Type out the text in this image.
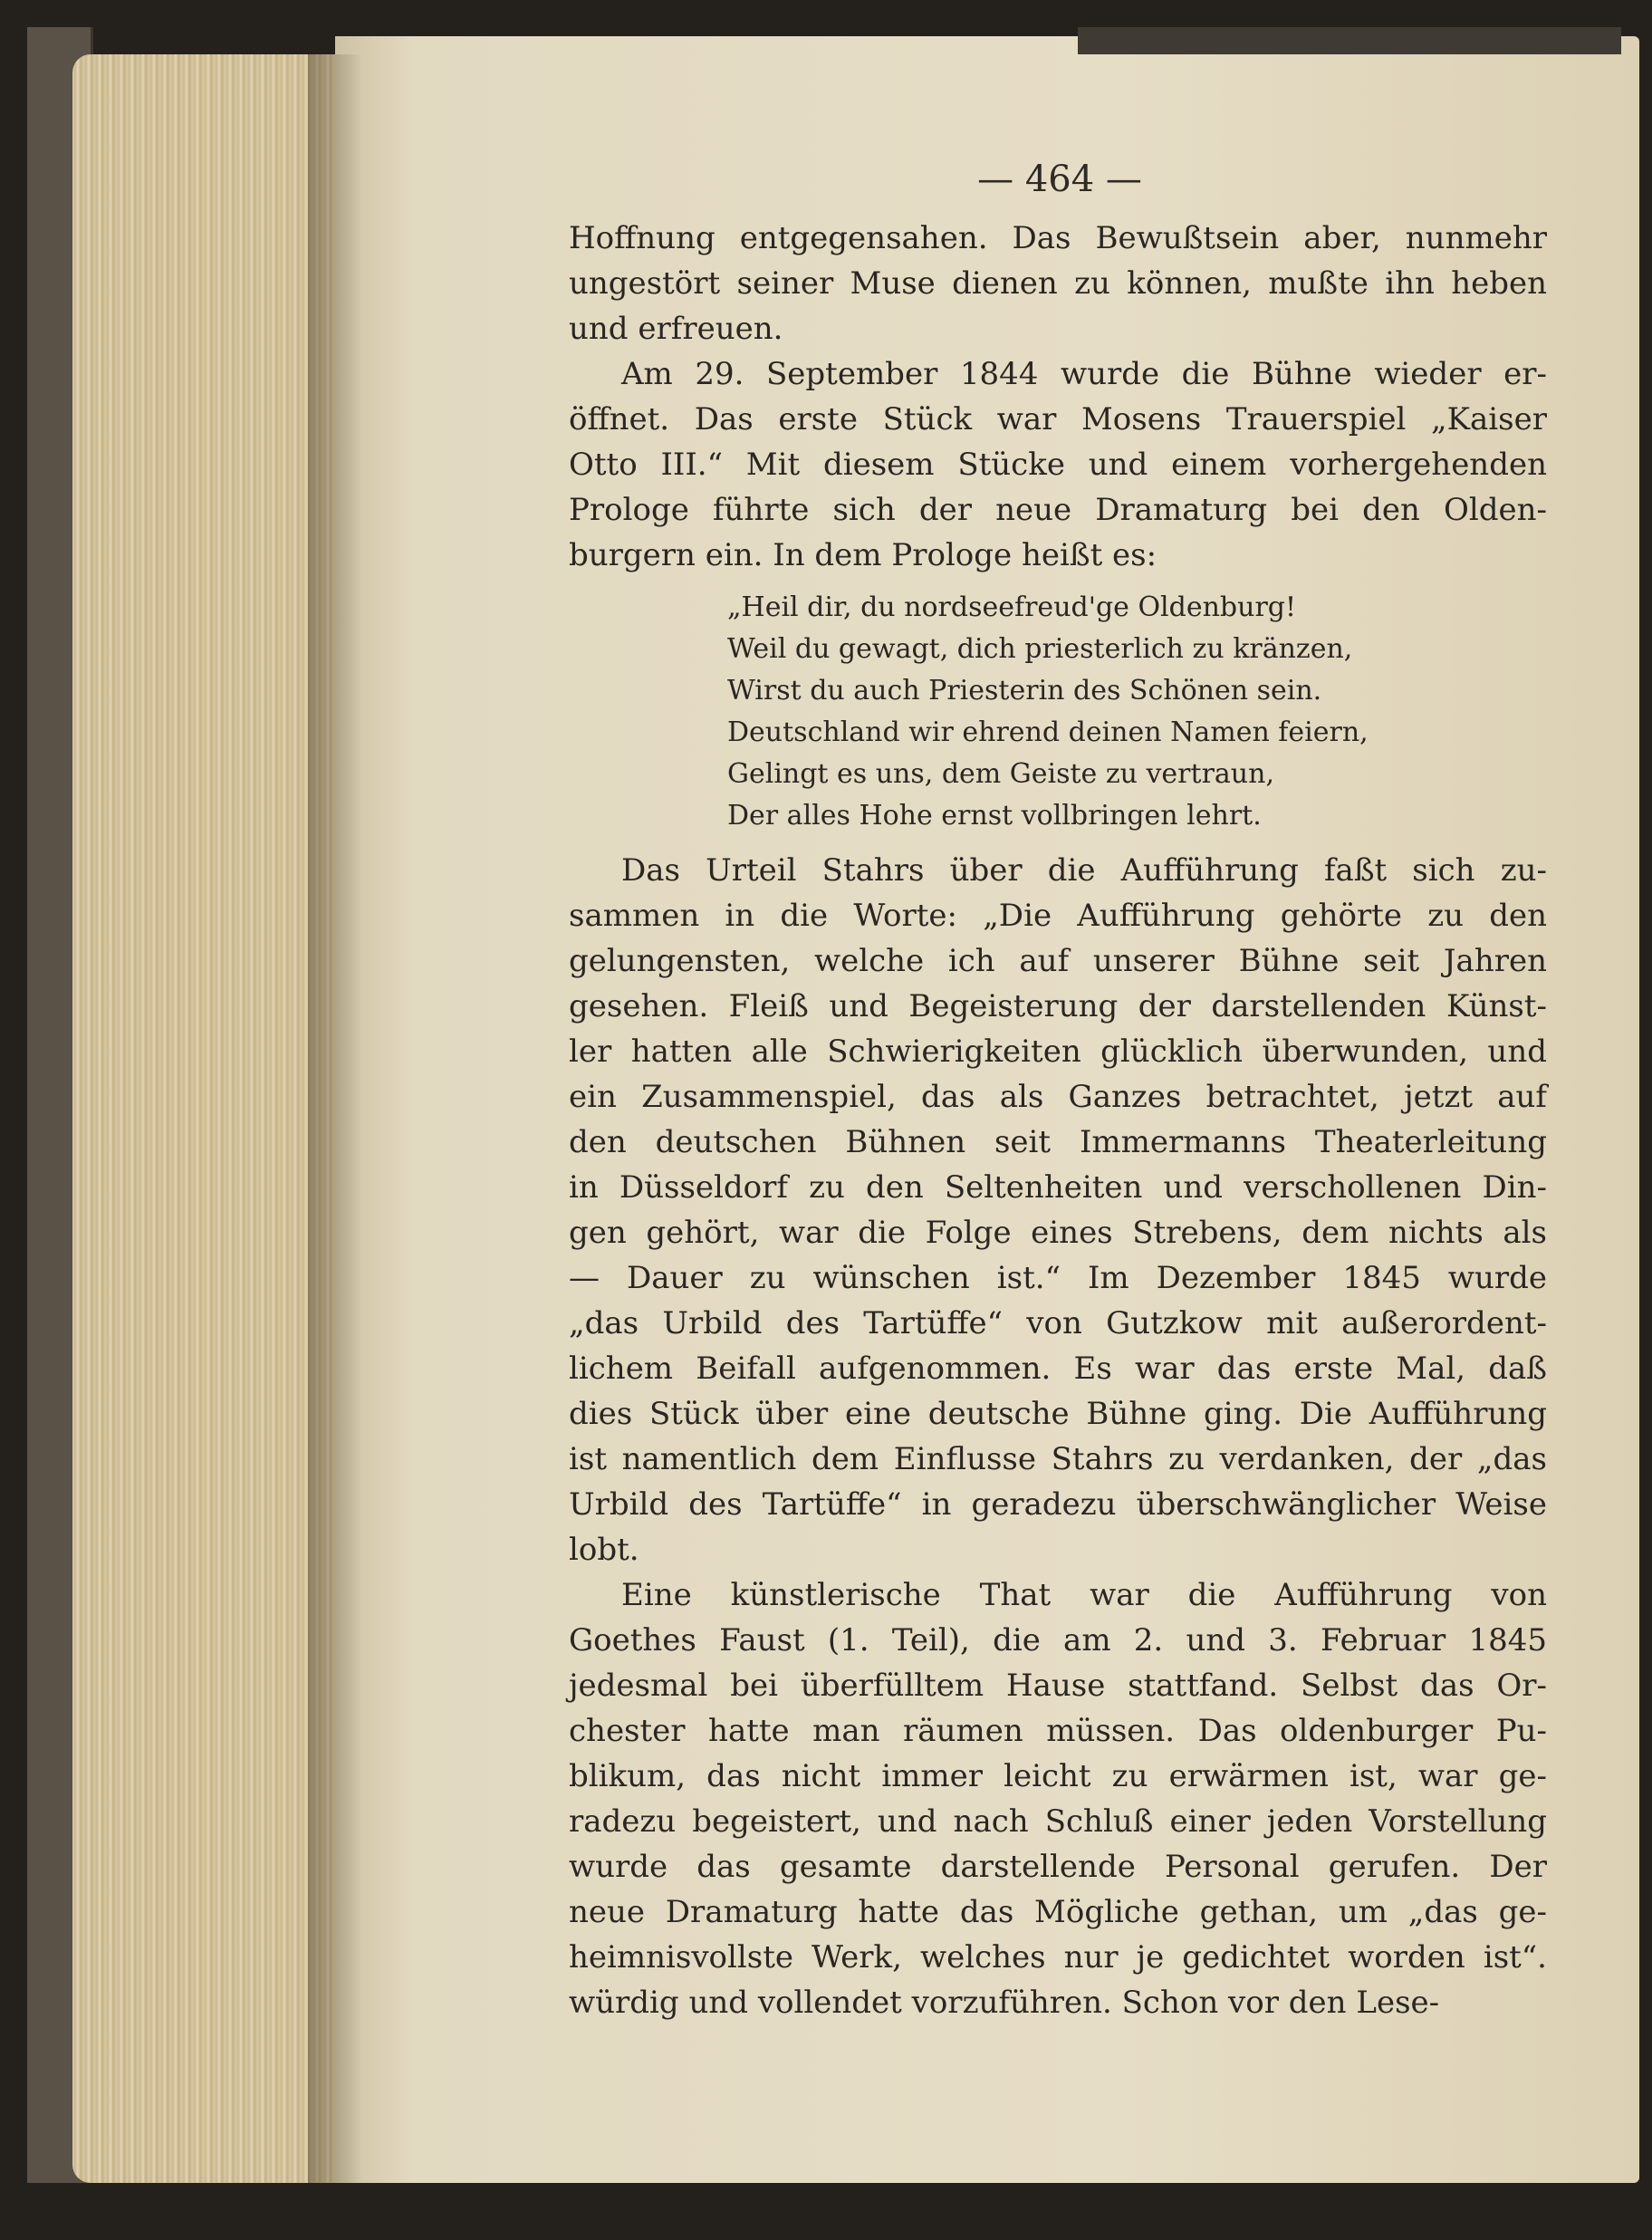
— 464 —
Hoffnung entgegensahen. Das Bewußtsein aber, nunmehr
ungestört seiner Muse dienen zu können, mußte ihn heben
und erfreuen.
Am 29. September 1844 wurde die Bühne wieder er-
öffnet. Das erste Stück war Mosens Trauerspiel „Kaiser
Otto III.“ Mit diesem Stücke und einem vorhergehenden
Prologe führte sich der neue Dramaturg bei den Olden-
burgern ein. In dem Prologe heißt es:
„Heil dir, du nordseefreud'ge Oldenburg!
Weil du gewagt, dich priesterlich zu kränzen,
Wirst du auch Priesterin des Schönen sein.
Deutschland wir ehrend deinen Namen feiern,
Gelingt es uns, dem Geiste zu vertraun,
Der alles Hohe ernst vollbringen lehrt.
Das Urteil Stahrs über die Aufführung faßt sich zu-
sammen in die Worte: „Die Aufführung gehörte zu den
gelungensten, welche ich auf unserer Bühne seit Jahren
gesehen. Fleiß und Begeisterung der darstellenden Künst-
ler hatten alle Schwierigkeiten glücklich überwunden, und
ein Zusammenspiel, das als Ganzes betrachtet, jetzt auf
den deutschen Bühnen seit Immermanns Theaterleitung
in Düsseldorf zu den Seltenheiten und verschollenen Din-
gen gehört, war die Folge eines Strebens, dem nichts als
— Dauer zu wünschen ist.“ Im Dezember 1845 wurde
„das Urbild des Tartüffe“ von Gutzkow mit außerordent-
lichem Beifall aufgenommen. Es war das erste Mal, daß
dies Stück über eine deutsche Bühne ging. Die Aufführung
ist namentlich dem Einflusse Stahrs zu verdanken, der „das
Urbild des Tartüffe“ in geradezu überschwänglicher Weise
lobt.
Eine künstlerische That war die Aufführung von
Goethes Faust (1. Teil), die am 2. und 3. Februar 1845
jedesmal bei überfülltem Hause stattfand. Selbst das Or-
chester hatte man räumen müssen. Das oldenburger Pu-
blikum, das nicht immer leicht zu erwärmen ist, war ge-
radezu begeistert, und nach Schluß einer jeden Vorstellung
wurde das gesamte darstellende Personal gerufen. Der
neue Dramaturg hatte das Mögliche gethan, um „das ge-
heimnisvollste Werk, welches nur je gedichtet worden ist“.
würdig und vollendet vorzuführen. Schon vor den Lese-
